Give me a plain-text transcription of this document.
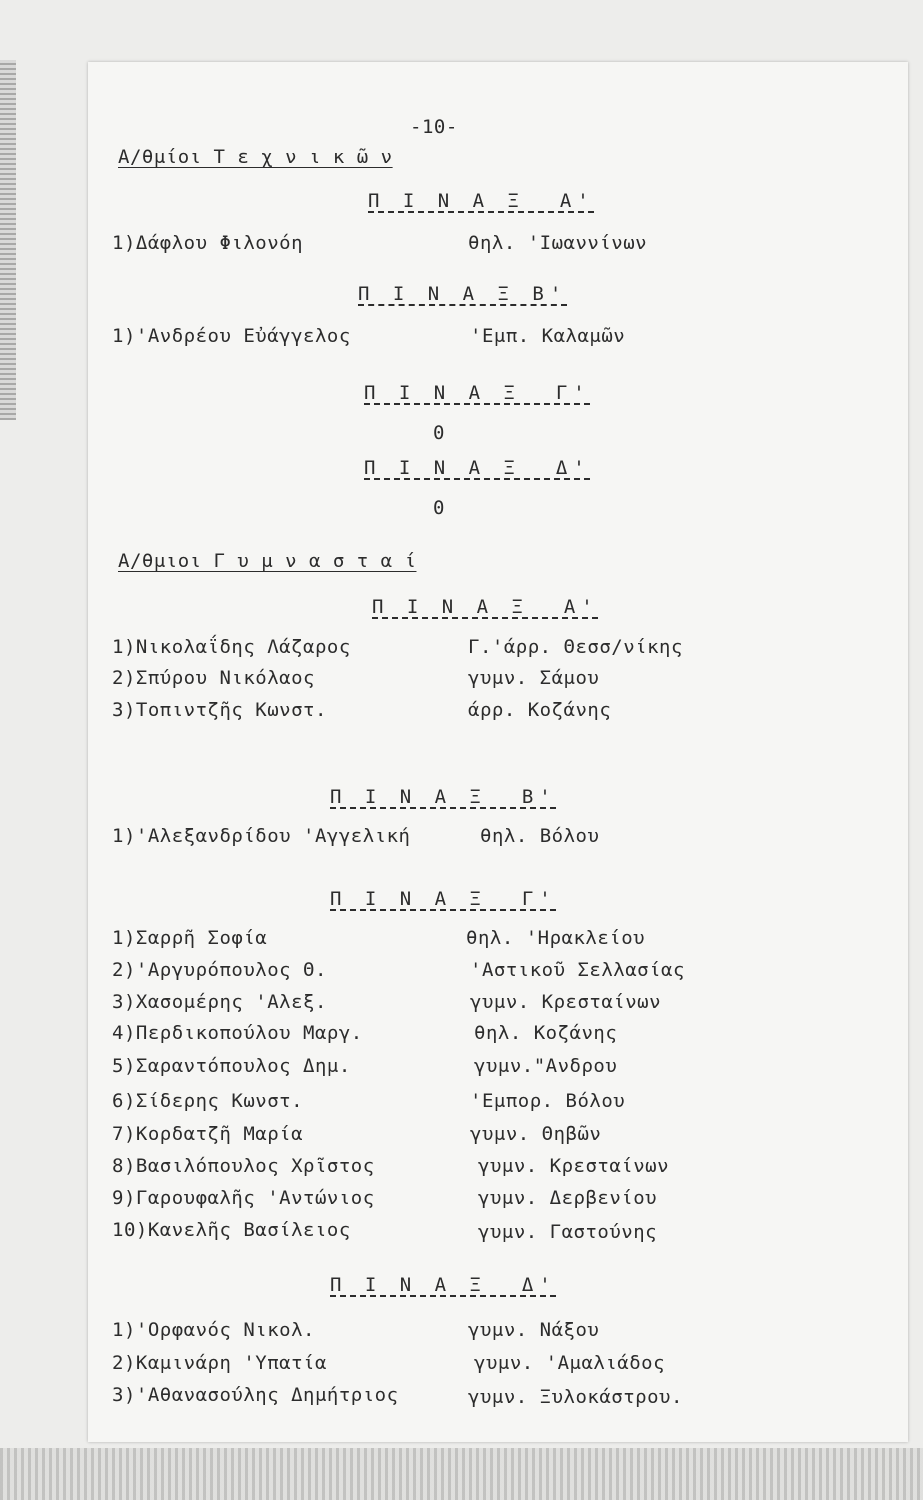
-10-
Α/θμίοι Τ ε χ ν ι κ ῶ ν
Π Ι Ν Α Ξ  Α'
1)Δάφλου Φιλονόη	θηλ. 'Ιωαννίνων
Π Ι Ν Α Ξ Β'
1)'Ανδρέου Εὐάγγελος	'Εμπ. Καλαμῶν
Π Ι Ν Α Ξ  Γ'
0
Π Ι Ν Α Ξ  Δ'
0
Α/θμιοι Γ υ μ ν α σ τ α ί
Π Ι Ν Α Ξ  Α'
1)Νικολαΐδης Λάζαρος	Γ.'άρρ. Θεσσ/νίκης
2)Σπύρου Νικόλαος	γυμν. Σάμου
3)Τοπιντζῆς Κωνστ.	άρρ. Κοζάνης
Π Ι Ν Α Ξ  Β'
1)'Αλεξανδρίδου 'Αγγελική	θηλ. Βόλου
Π Ι Ν Α Ξ  Γ'
1)Σαρρῆ Σοφία	θηλ. 'Ηρακλείου
2)'Αργυρόπουλος Θ.	'Αστικοῦ Σελλασίας
3)Χασομέρης 'Αλεξ.	γυμν. Κρεσταίνων
4)Περδικοπούλου Μαργ.	θηλ. Κοζάνης
5)Σαραντόπουλος Δημ.	γυμν."Ανδρου
6)Σίδερης Κωνστ.	'Εμπορ. Βόλου
7)Κορδατζῆ Μαρία	γυμν. Θηβῶν
8)Βασιλόπουλος Χρῖστος	γυμν. Κρεσταίνων
9)Γαρουφαλῆς 'Αντώνιος	γυμν. Δερβενίου
10)Κανελῆς Βασίλειος	γυμν. Γαστούνης
Π Ι Ν Α Ξ  Δ'
1)'Ορφανός Νικολ.	γυμν. Νάξου
2)Καμινάρη 'Υπατία	γυμν. 'Αμαλιάδος
3)'Αθανασούλης Δημήτριος	γυμν. Ξυλοκάστρου.
